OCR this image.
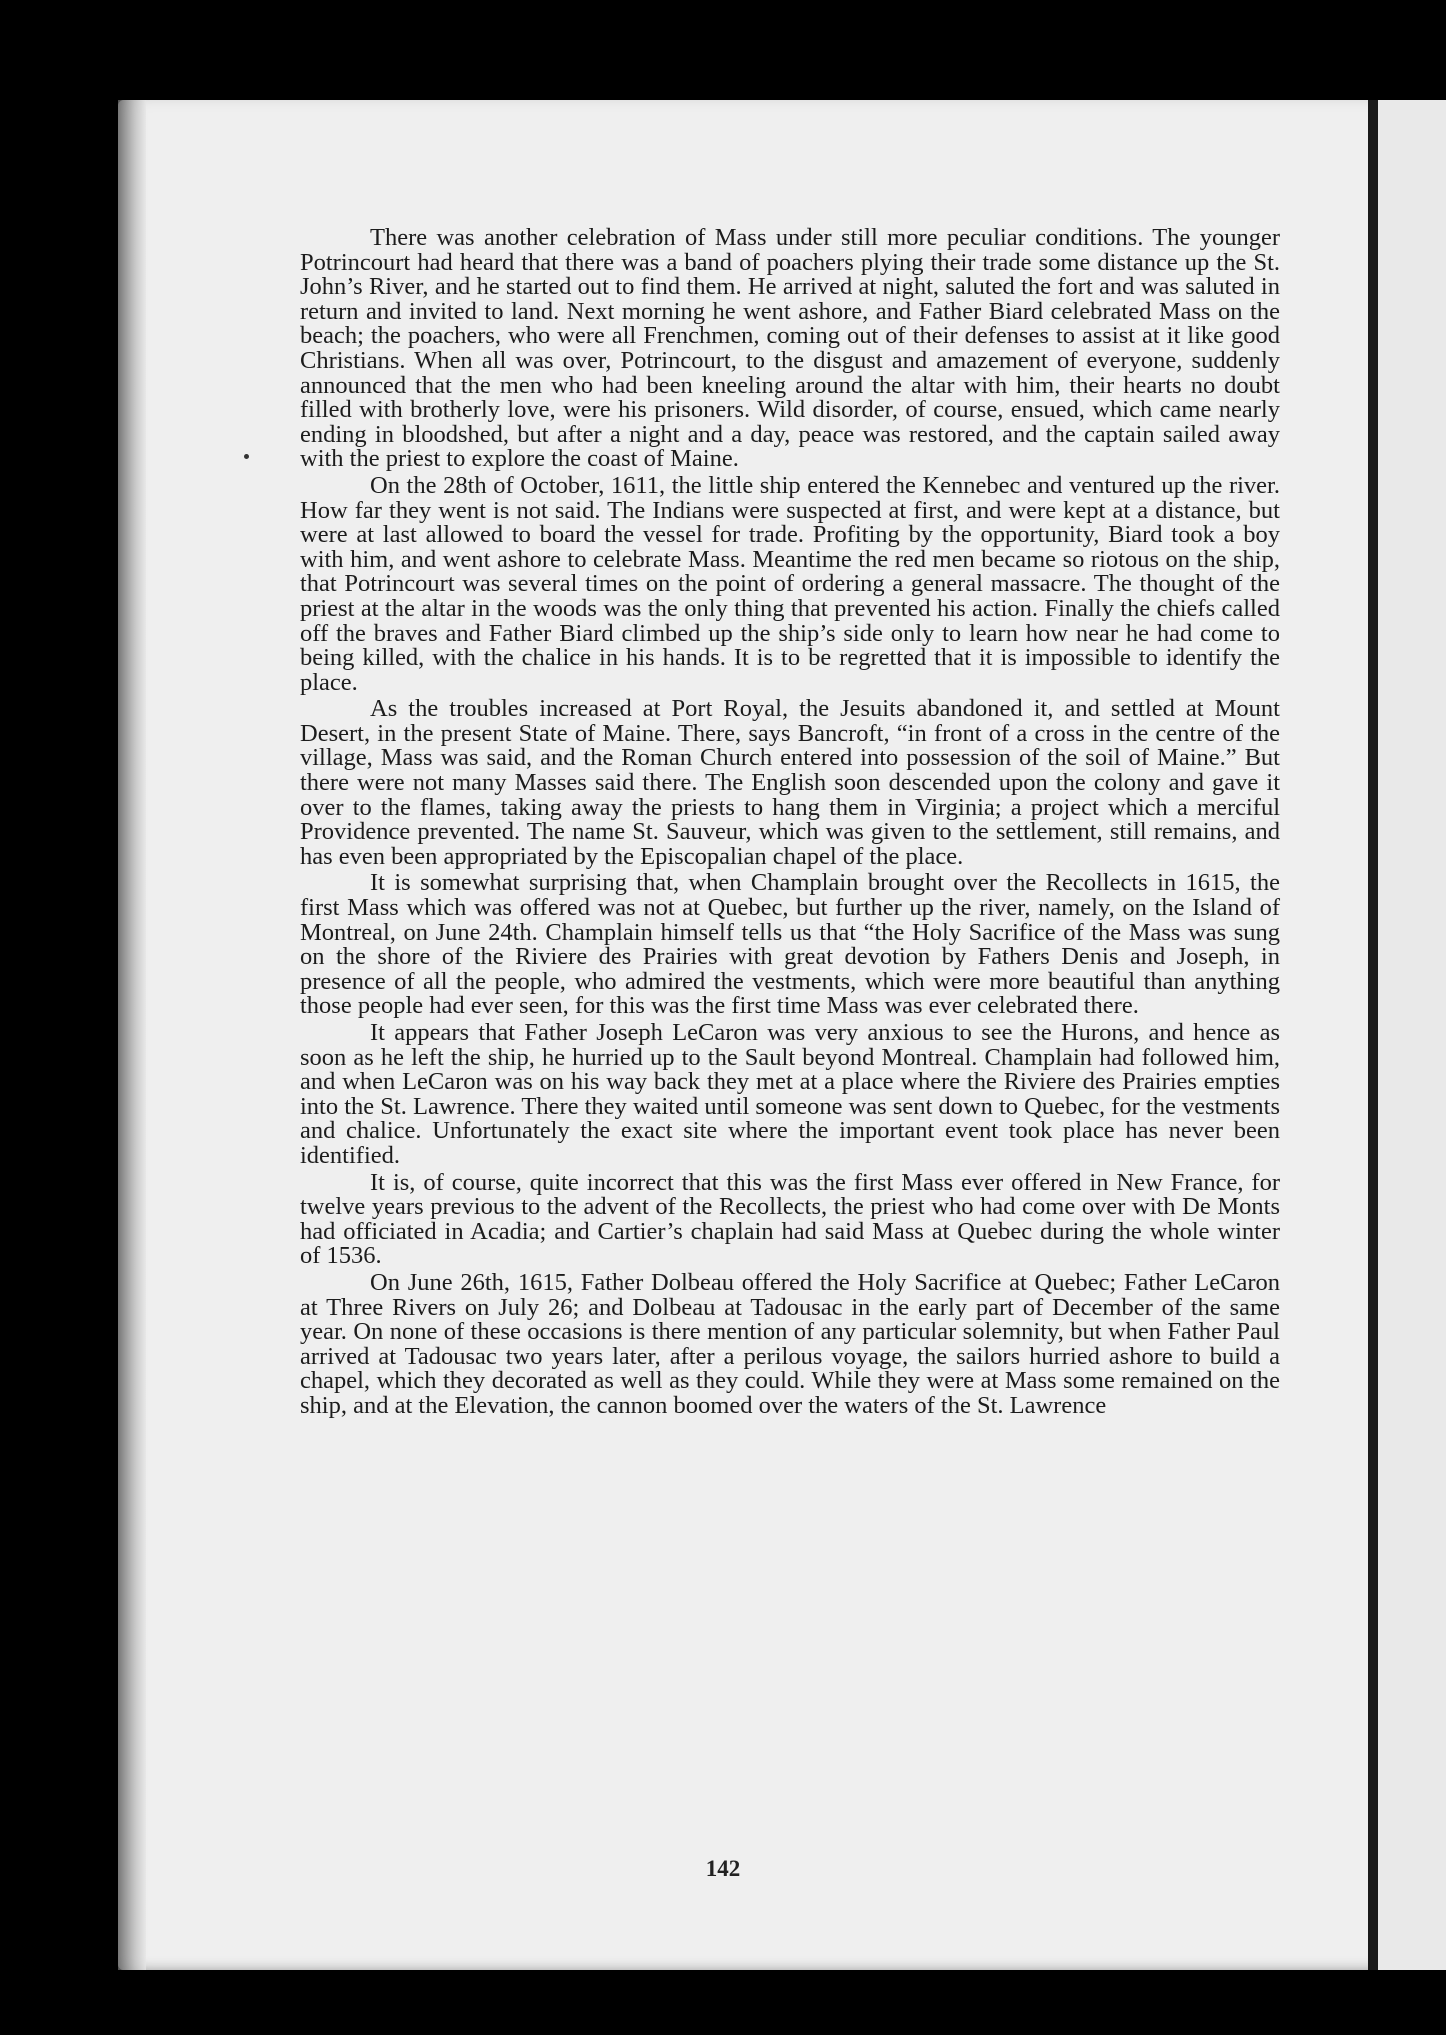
There was another celebration of Mass under still more peculiar conditions. The younger Potrincourt had heard that there was a band of poachers plying their trade some distance up the St. John’s River, and he started out to find them. He arrived at night, saluted the fort and was saluted in return and invited to land. Next morning he went ashore, and Father Biard celebrated Mass on the beach; the poachers, who were all Frenchmen, coming out of their defenses to assist at it like good Christians. When all was over, Potrincourt, to the disgust and amazement of everyone, suddenly announced that the men who had been kneeling around the altar with him, their hearts no doubt filled with brotherly love, were his prisoners. Wild disorder, of course, ensued, which came nearly ending in bloodshed, but after a night and a day, peace was restored, and the captain sailed away with the priest to explore the coast of Maine.

On the 28th of October, 1611, the little ship entered the Kennebec and ventured up the river. How far they went is not said. The Indians were suspected at first, and were kept at a distance, but were at last allowed to board the vessel for trade. Profiting by the opportunity, Biard took a boy with him, and went ashore to celebrate Mass. Meantime the red men became so riotous on the ship, that Potrincourt was several times on the point of ordering a general massacre. The thought of the priest at the altar in the woods was the only thing that prevented his action. Finally the chiefs called off the braves and Father Biard climbed up the ship’s side only to learn how near he had come to being killed, with the chalice in his hands. It is to be regretted that it is impossible to identify the place.

As the troubles increased at Port Royal, the Jesuits abandoned it, and settled at Mount Desert, in the present State of Maine. There, says Bancroft, “in front of a cross in the centre of the village, Mass was said, and the Roman Church entered into possession of the soil of Maine.” But there were not many Masses said there. The English soon descended upon the colony and gave it over to the flames, taking away the priests to hang them in Virginia; a project which a merciful Providence prevented. The name St. Sauveur, which was given to the settlement, still remains, and has even been appropriated by the Episcopalian chapel of the place.

It is somewhat surprising that, when Champlain brought over the Recollects in 1615, the first Mass which was offered was not at Quebec, but further up the river, namely, on the Island of Montreal, on June 24th. Champlain himself tells us that “the Holy Sacrifice of the Mass was sung on the shore of the Riviere des Prairies with great devotion by Fathers Denis and Joseph, in presence of all the people, who admired the vestments, which were more beautiful than anything those people had ever seen, for this was the first time Mass was ever celebrated there.

It appears that Father Joseph LeCaron was very anxious to see the Hurons, and hence as soon as he left the ship, he hurried up to the Sault beyond Montreal. Champlain had followed him, and when LeCaron was on his way back they met at a place where the Riviere des Prairies empties into the St. Lawrence. There they waited until someone was sent down to Quebec, for the vestments and chalice. Unfortunately the exact site where the important event took place has never been identified.

It is, of course, quite incorrect that this was the first Mass ever offered in New France, for twelve years previous to the advent of the Recollects, the priest who had come over with De Monts had officiated in Acadia; and Cartier’s chaplain had said Mass at Quebec during the whole winter of 1536.

On June 26th, 1615, Father Dolbeau offered the Holy Sacrifice at Quebec; Father LeCaron at Three Rivers on July 26; and Dolbeau at Tadousac in the early part of December of the same year. On none of these occasions is there mention of any particular solemnity, but when Father Paul arrived at Tadousac two years later, after a perilous voyage, the sailors hurried ashore to build a chapel, which they decorated as well as they could. While they were at Mass some remained on the ship, and at the Elevation, the cannon boomed over the waters of the St. Lawrence

142
